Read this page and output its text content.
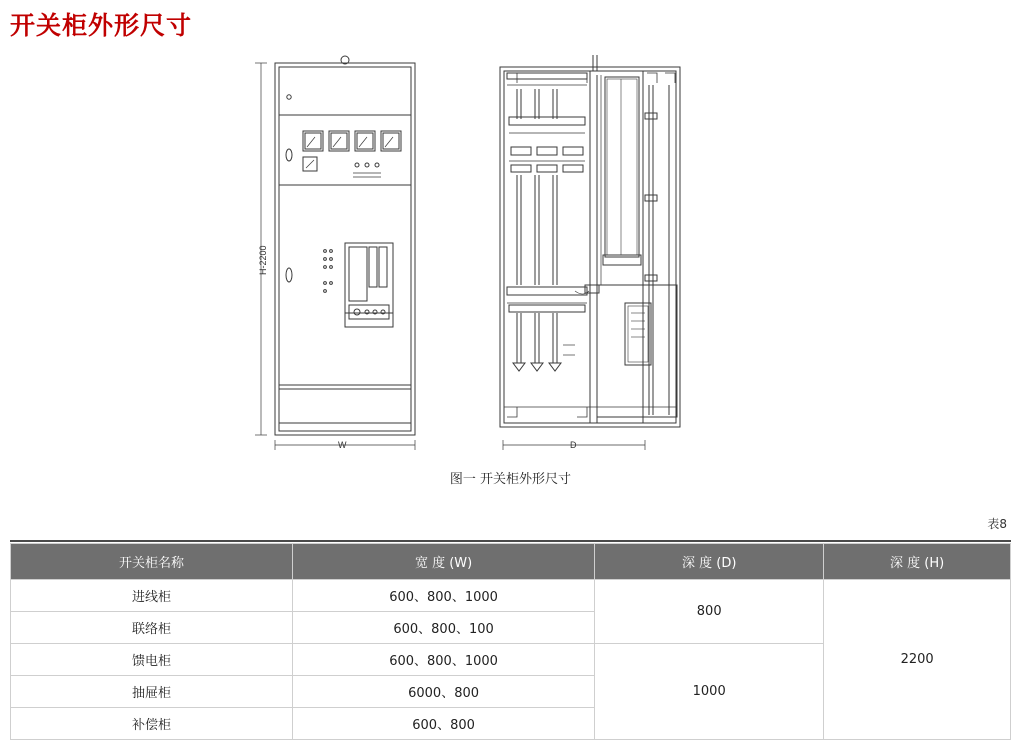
开关柜外形尺寸
H-2200
W	D
图一 开关柜外形尺寸
表8
开关柜名称	宽 度 (W)	深 度 (D)	深 度 (H)
进线柜	600、800、1000	800	2200
联络柜	600、800、100		
馈电柜	600、800、1000	1000	
抽屉柜	6000、800		
补偿柜	600、800		
